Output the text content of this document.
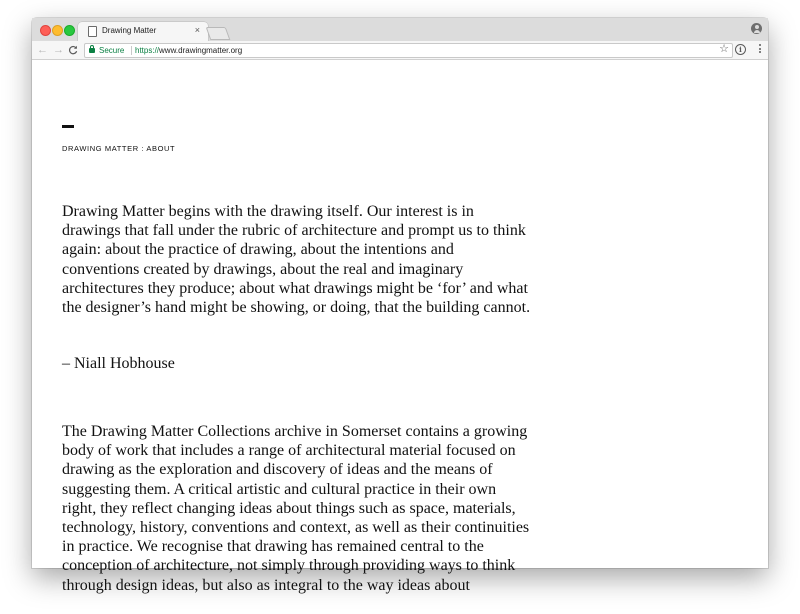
Drawing Matter	×
← →	Secure https://www.drawingmatter.org	☆	i
DRAWING MATTER : ABOUT

Drawing Matter begins with the drawing itself. Our interest is in drawings that fall under the rubric of architecture and prompt us to think again: about the practice of drawing, about the intentions and conventions created by drawings, about the real and imaginary architectures they produce; about what drawings might be ‘for’ and what the designer’s hand might be showing, or doing, that the building cannot.

– Niall Hobhouse

The Drawing Matter Collections archive in Somerset contains a growing body of work that includes a range of architectural material focused on drawing as the exploration and discovery of ideas and the means of suggesting them. A critical artistic and cultural practice in their own right, they reflect changing ideas about things such as space, materials, technology, history, conventions and context, as well as their continuities in practice. We recognise that drawing has remained central to the conception of architecture, not simply through providing ways to think through design ideas, but also as integral to the way ideas about
